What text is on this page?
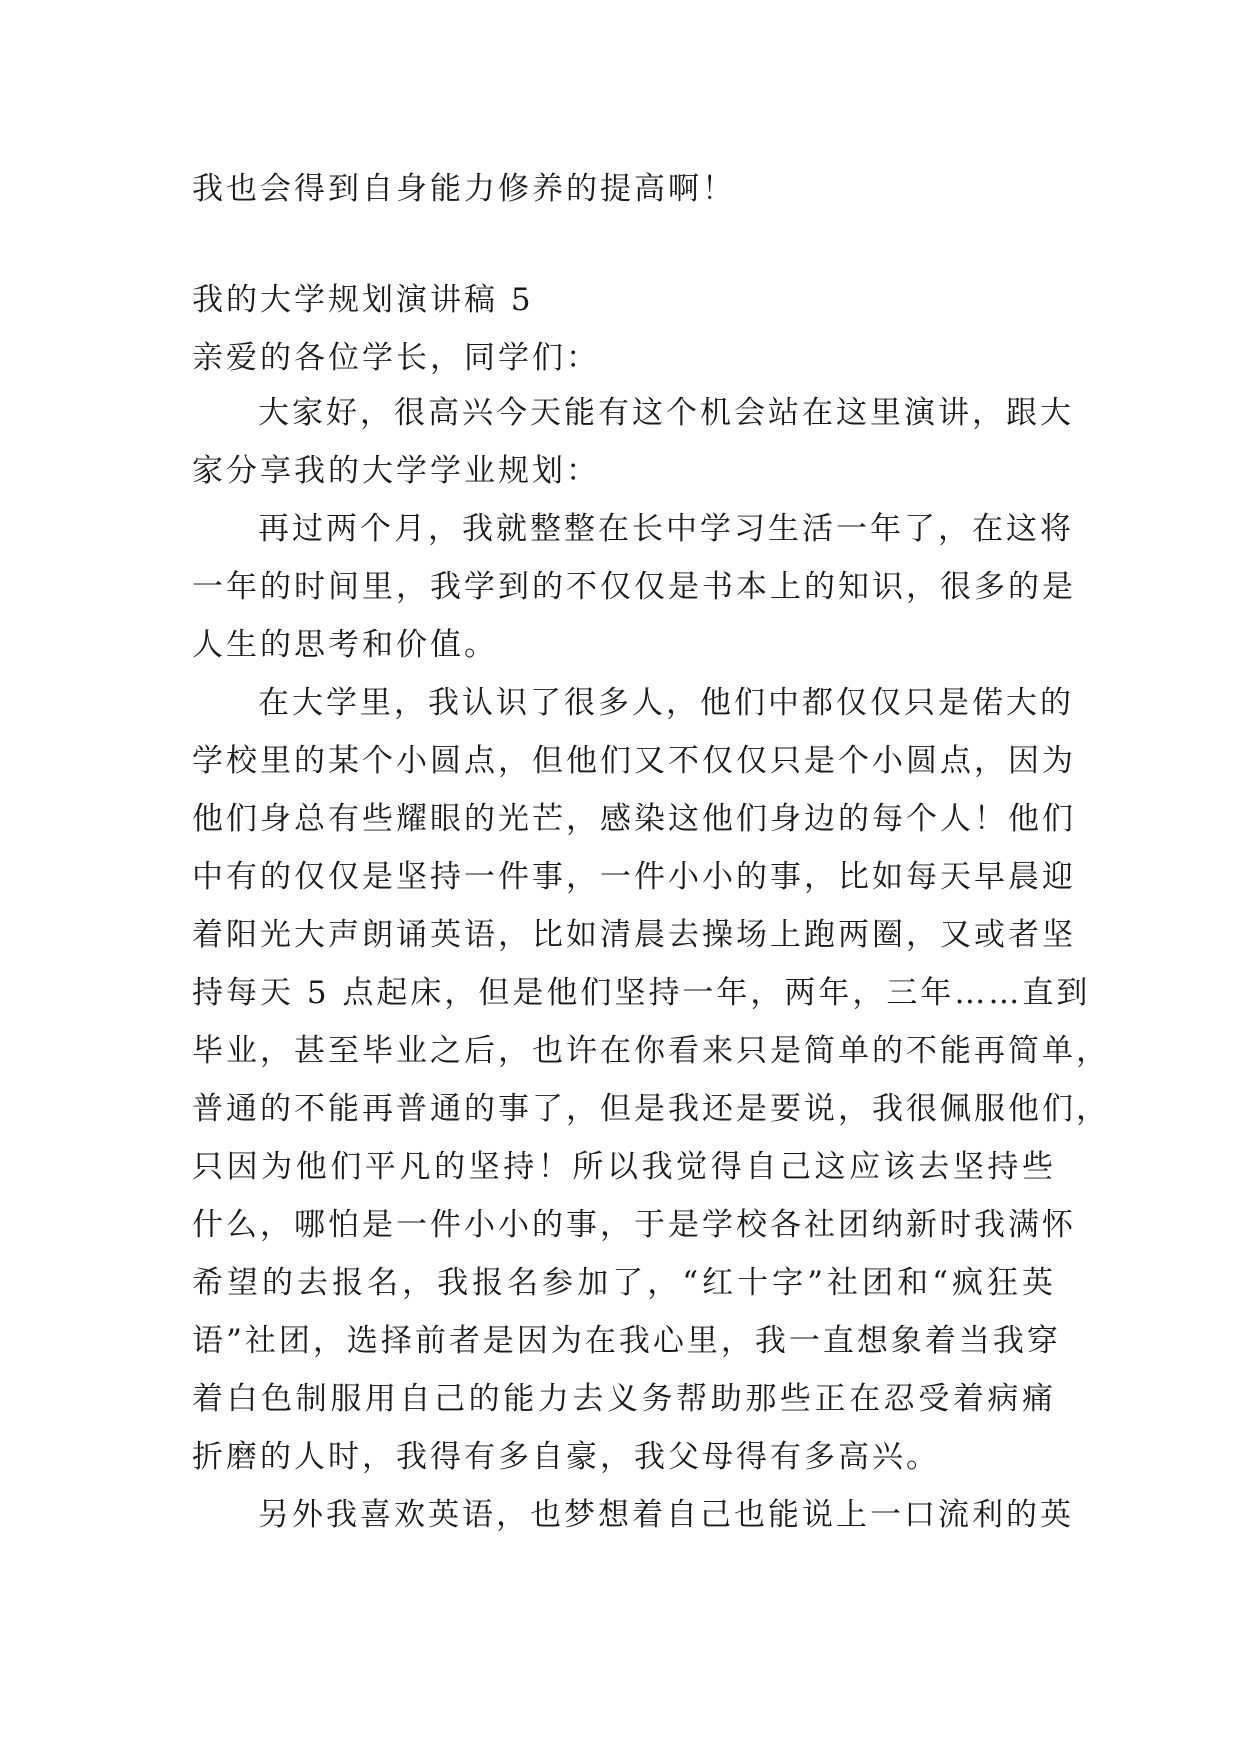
我也会得到自身能力修养的提高啊！
我的大学规划演讲稿 5
亲爱的各位学长，同学们：
大家好，很高兴今天能有这个机会站在这里演讲，跟大
家分享我的大学学业规划：
再过两个月，我就整整在长中学习生活一年了，在这将
一年的时间里，我学到的不仅仅是书本上的知识，很多的是
人生的思考和价值。
在大学里，我认识了很多人，他们中都仅仅只是偌大的
学校里的某个小圆点，但他们又不仅仅只是个小圆点，因为
他们身总有些耀眼的光芒，感染这他们身边的每个人！他们
中有的仅仅是坚持一件事，一件小小的事，比如每天早晨迎
着阳光大声朗诵英语，比如清晨去操场上跑两圈，又或者坚
持每天 5 点起床，但是他们坚持一年，两年，三年……直到
毕业，甚至毕业之后，也许在你看来只是简单的不能再简单，
普通的不能再普通的事了，但是我还是要说，我很佩服他们，
只因为他们平凡的坚持！所以我觉得自己这应该去坚持些
什么，哪怕是一件小小的事，于是学校各社团纳新时我满怀
希望的去报名，我报名参加了，“红十字”社团和“疯狂英
语”社团，选择前者是因为在我心里，我一直想象着当我穿
着白色制服用自己的能力去义务帮助那些正在忍受着病痛
折磨的人时，我得有多自豪，我父母得有多高兴。
另外我喜欢英语，也梦想着自己也能说上一口流利的英
